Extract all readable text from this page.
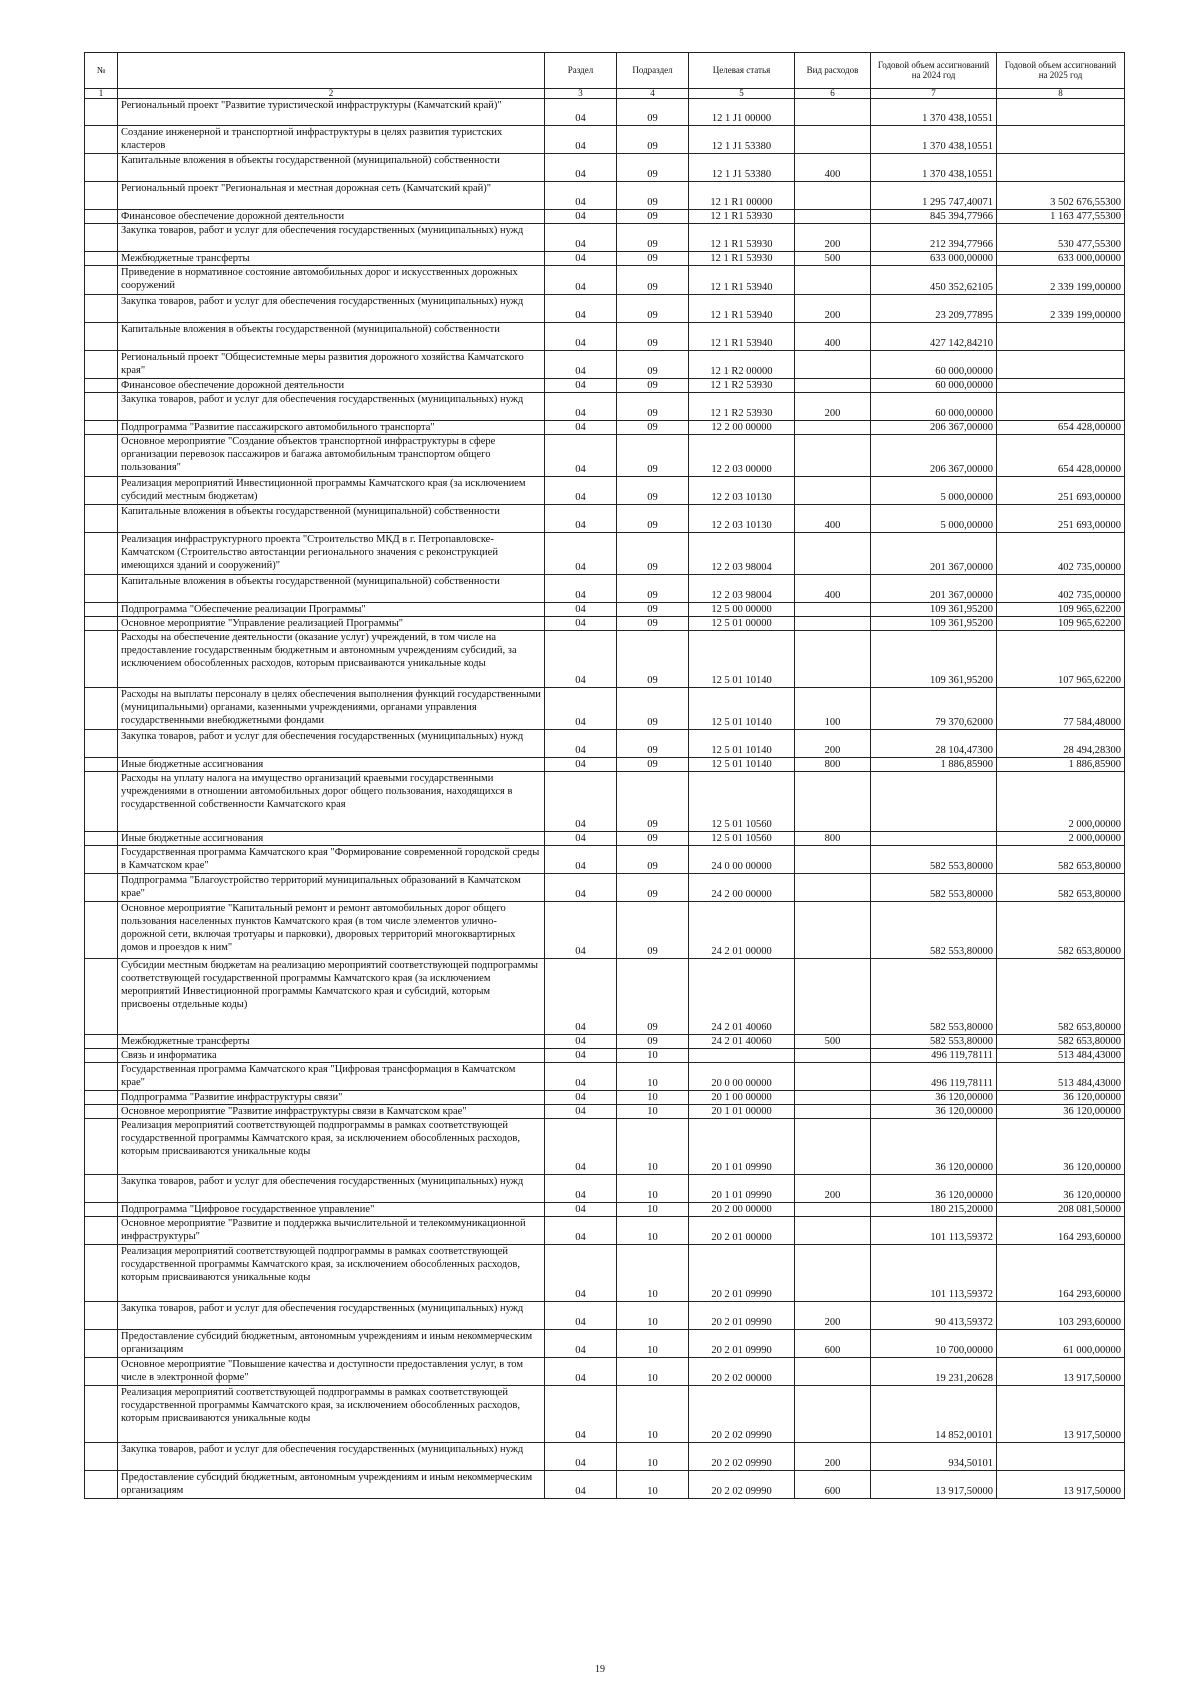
№		Раздел	Подраздел	Целевая статья	Вид расходов	Годовой объем ассигнований на 2024 год	Годовой объем ассигнований на 2025 год
1	2	3	4	5	6	7	8
	Региональный проект "Развитие туристической инфраструктуры (Камчатский край)"	04	09	12 1 J1 00000		1 370 438,10551	
	Создание инженерной и транспортной инфраструктуры в целях развития туристских кластеров	04	09	12 1 J1 53380		1 370 438,10551	
	Капитальные вложения в объекты государственной (муниципальной) собственности	04	09	12 1 J1 53380	400	1 370 438,10551	
	Региональный проект "Региональная и местная дорожная сеть (Камчатский край)"	04	09	12 1 R1 00000		1 295 747,40071	3 502 676,55300
	Финансовое обеспечение дорожной деятельности	04	09	12 1 R1 53930		845 394,77966	1 163 477,55300
	Закупка товаров, работ и услуг для обеспечения государственных (муниципальных) нужд	04	09	12 1 R1 53930	200	212 394,77966	530 477,55300
	Межбюджетные трансферты	04	09	12 1 R1 53930	500	633 000,00000	633 000,00000
	Приведение в нормативное состояние автомобильных дорог и искусственных дорожных сооружений	04	09	12 1 R1 53940		450 352,62105	2 339 199,00000
	Закупка товаров, работ и услуг для обеспечения государственных (муниципальных) нужд	04	09	12 1 R1 53940	200	23 209,77895	2 339 199,00000
	Капитальные вложения в объекты государственной (муниципальной) собственности	04	09	12 1 R1 53940	400	427 142,84210	
	Региональный проект "Общесистемные меры развития дорожного хозяйства Камчатского края"	04	09	12 1 R2 00000		60 000,00000	
	Финансовое обеспечение дорожной деятельности	04	09	12 1 R2 53930		60 000,00000	
	Закупка товаров, работ и услуг для обеспечения государственных (муниципальных) нужд	04	09	12 1 R2 53930	200	60 000,00000	
	Подпрограмма "Развитие пассажирского автомобильного транспорта"	04	09	12 2 00 00000		206 367,00000	654 428,00000
	Основное мероприятие "Создание объектов транспортной инфраструктуры в сфере организации перевозок пассажиров и багажа автомобильным транспортом общего пользования"	04	09	12 2 03 00000		206 367,00000	654 428,00000
	Реализация мероприятий Инвестиционной программы Камчатского края (за исключением субсидий местным бюджетам)	04	09	12 2 03 10130		5 000,00000	251 693,00000
	Капитальные вложения в объекты государственной (муниципальной) собственности	04	09	12 2 03 10130	400	5 000,00000	251 693,00000
	Реализация инфраструктурного проекта "Строительство МКД в г. Петропавловске-Камчатском (Строительство автостанции регионального значения с реконструкцией имеющихся зданий и сооружений)"	04	09	12 2 03 98004		201 367,00000	402 735,00000
	Капитальные вложения в объекты государственной (муниципальной) собственности	04	09	12 2 03 98004	400	201 367,00000	402 735,00000
	Подпрограмма "Обеспечение реализации Программы"	04	09	12 5 00 00000		109 361,95200	109 965,62200
	Основное мероприятие "Управление реализацией Программы"	04	09	12 5 01 00000		109 361,95200	109 965,62200
	Расходы на обеспечение деятельности (оказание услуг) учреждений, в том числе на предоставление государственным бюджетным и автономным учреждениям субсидий, за исключением обособленных расходов, которым присваиваются уникальные коды	04	09	12 5 01 10140		109 361,95200	107 965,62200
	Расходы на выплаты персоналу в целях обеспечения выполнения функций государственными (муниципальными) органами, казенными учреждениями, органами управления государственными внебюджетными фондами	04	09	12 5 01 10140	100	79 370,62000	77 584,48000
	Закупка товаров, работ и услуг для обеспечения государственных (муниципальных) нужд	04	09	12 5 01 10140	200	28 104,47300	28 494,28300
	Иные бюджетные ассигнования	04	09	12 5 01 10140	800	1 886,85900	1 886,85900
	Расходы на уплату налога на имущество организаций краевыми государственными учреждениями в отношении автомобильных дорог общего пользования, находящихся в государственной собственности Камчатского края	04	09	12 5 01 10560			2 000,00000
	Иные бюджетные ассигнования	04	09	12 5 01 10560	800		2 000,00000
	Государственная программа Камчатского края "Формирование современной городской среды в Камчатском крае"	04	09	24 0 00 00000		582 553,80000	582 653,80000
	Подпрограмма "Благоустройство территорий муниципальных образований в Камчатском крае"	04	09	24 2 00 00000		582 553,80000	582 653,80000
	Основное мероприятие "Капитальный ремонт и ремонт автомобильных дорог общего пользования населенных пунктов Камчатского края (в том числе элементов улично-дорожной сети, включая тротуары и парковки), дворовых территорий многоквартирных домов и проездов к ним"	04	09	24 2 01 00000		582 553,80000	582 653,80000
	Субсидии местным бюджетам на реализацию мероприятий соответствующей подпрограммы соответствующей государственной программы Камчатского края (за исключением мероприятий Инвестиционной программы Камчатского края и субсидий, которым присвоены отдельные коды)	04	09	24 2 01 40060		582 553,80000	582 653,80000
	Межбюджетные трансферты	04	09	24 2 01 40060	500	582 553,80000	582 653,80000
	Связь и информатика	04	10			496 119,78111	513 484,43000
	Государственная программа Камчатского края "Цифровая трансформация в Камчатском крае"	04	10	20 0 00 00000		496 119,78111	513 484,43000
	Подпрограмма "Развитие инфраструктуры связи"	04	10	20 1 00 00000		36 120,00000	36 120,00000
	Основное мероприятие "Развитие инфраструктуры связи в Камчатском крае"	04	10	20 1 01 00000		36 120,00000	36 120,00000
	Реализация мероприятий соответствующей подпрограммы в рамках соответствующей государственной программы Камчатского края, за исключением обособленных расходов, которым присваиваются уникальные коды	04	10	20 1 01 09990		36 120,00000	36 120,00000
	Закупка товаров, работ и услуг для обеспечения государственных (муниципальных) нужд	04	10	20 1 01 09990	200	36 120,00000	36 120,00000
	Подпрограмма "Цифровое государственное управление"	04	10	20 2 00 00000		180 215,20000	208 081,50000
	Основное мероприятие "Развитие и поддержка вычислительной и телекоммуникационной инфраструктуры"	04	10	20 2 01 00000		101 113,59372	164 293,60000
	Реализация мероприятий соответствующей подпрограммы в рамках соответствующей государственной программы Камчатского края, за исключением обособленных расходов, которым присваиваются уникальные коды	04	10	20 2 01 09990		101 113,59372	164 293,60000
	Закупка товаров, работ и услуг для обеспечения государственных (муниципальных) нужд	04	10	20 2 01 09990	200	90 413,59372	103 293,60000
	Предоставление субсидий бюджетным, автономным учреждениям и иным некоммерческим организациям	04	10	20 2 01 09990	600	10 700,00000	61 000,00000
	Основное мероприятие "Повышение качества и доступности предоставления услуг, в том числе в электронной форме"	04	10	20 2 02 00000		19 231,20628	13 917,50000
	Реализация мероприятий соответствующей подпрограммы в рамках соответствующей государственной программы Камчатского края, за исключением обособленных расходов, которым присваиваются уникальные коды	04	10	20 2 02 09990		14 852,00101	13 917,50000
	Закупка товаров, работ и услуг для обеспечения государственных (муниципальных) нужд	04	10	20 2 02 09990	200	934,50101	
	Предоставление субсидий бюджетным, автономным учреждениям и иным некоммерческим организациям	04	10	20 2 02 09990	600	13 917,50000	13 917,50000
19
